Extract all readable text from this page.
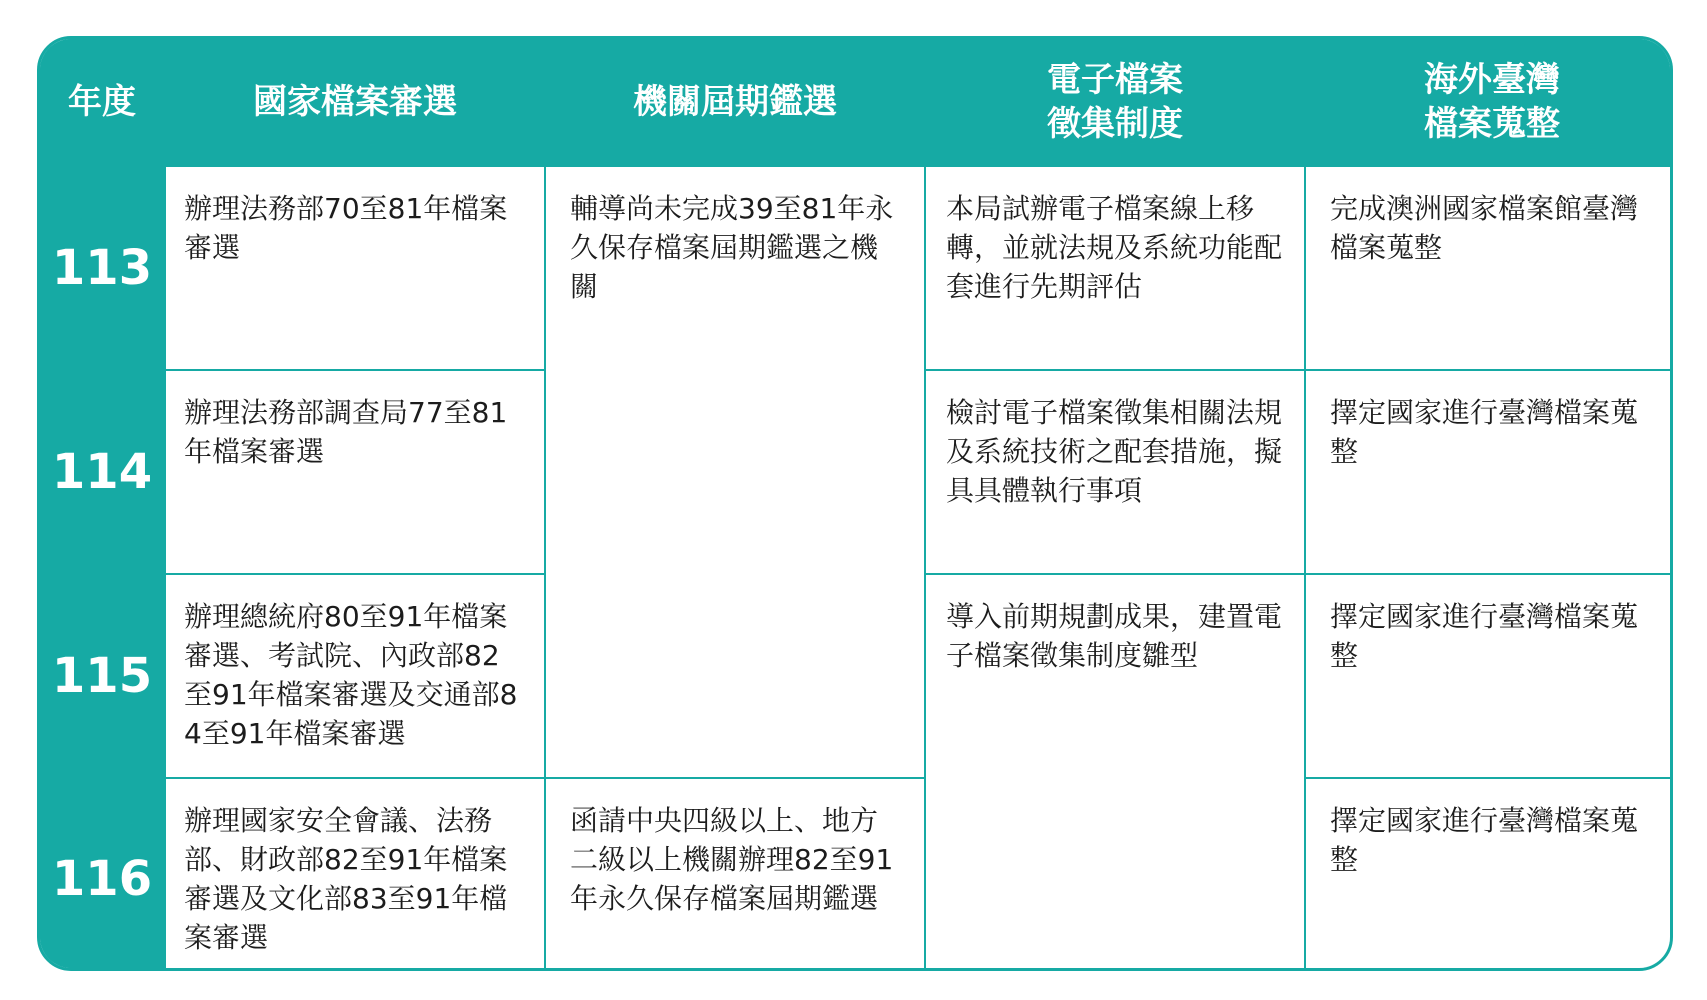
年度	國家檔案審選	機關屆期鑑選
電子檔案
徵集制度
海外臺灣
檔案蒐整
113
114
115
116
辦理法務部70至81年檔案審選
辦理法務部調查局77至81年檔案審選
辦理總統府80至91年檔案審選、考試院、內政部82至91年檔案審選及交通部84至91年檔案審選
辦理國家安全會議、法務部、財政部82至91年檔案審選及文化部83至91年檔案審選
輔導尚未完成39至81年永久保存檔案屆期鑑選之機關
函請中央四級以上、地方二級以上機關辦理82至91年永久保存檔案屆期鑑選
本局試辦電子檔案線上移轉，並就法規及系統功能配套進行先期評估
檢討電子檔案徵集相關法規及系統技術之配套措施，擬具具體執行事項
導入前期規劃成果，建置電子檔案徵集制度雛型
完成澳洲國家檔案館臺灣檔案蒐整
擇定國家進行臺灣檔案蒐整
擇定國家進行臺灣檔案蒐整
擇定國家進行臺灣檔案蒐整
